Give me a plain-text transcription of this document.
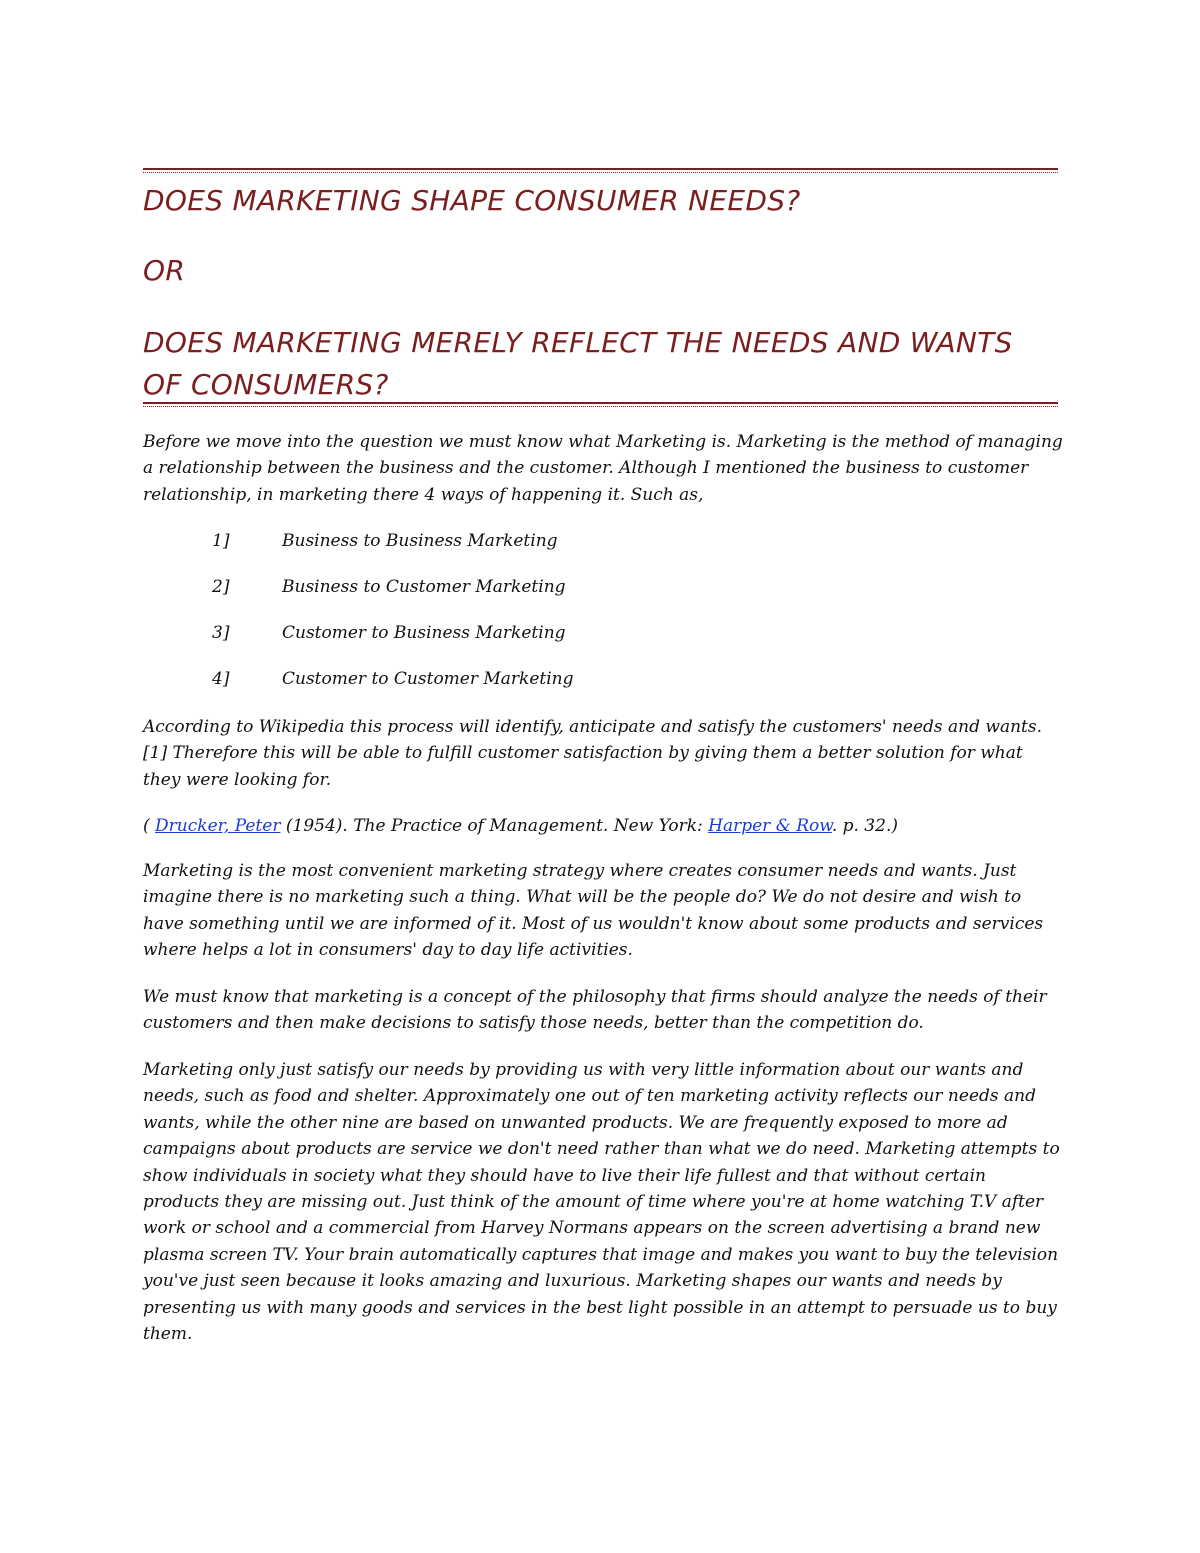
DOES MARKETING SHAPE CONSUMER NEEDS?
OR
DOES MARKETING MERELY REFLECT THE NEEDS AND WANTS OF CONSUMERS?

Before we move into the question we must know what Marketing is. Marketing is the method of managing a relationship between the business and the customer. Although I mentioned the business to customer relationship, in marketing there 4 ways of happening it. Such as,

1]	Business to Business Marketing
2]	Business to Customer Marketing
3]	Customer to Business Marketing
4]	Customer to Customer Marketing

According to Wikipedia this process will identify, anticipate and satisfy the customers' needs and wants. [1] Therefore this will be able to fulfill customer satisfaction by giving them a better solution for what they were looking for.

( Drucker, Peter (1954). The Practice of Management. New York: Harper & Row. p. 32.)

Marketing is the most convenient marketing strategy where creates consumer needs and wants. Just imagine there is no marketing such a thing. What will be the people do? We do not desire and wish to have something until we are informed of it. Most of us wouldn't know about some products and services where helps a lot in consumers' day to day life activities.

We must know that marketing is a concept of the philosophy that firms should analyze the needs of their customers and then make decisions to satisfy those needs, better than the competition do.

Marketing only just satisfy our needs by providing us with very little information about our wants and needs, such as food and shelter. Approximately one out of ten marketing activity reflects our needs and wants, while the other nine are based on unwanted products. We are frequently exposed to more ad campaigns about products are service we don't need rather than what we do need. Marketing attempts to show individuals in society what they should have to live their life fullest and that without certain products they are missing out. Just think of the amount of time where you're at home watching T.V after work or school and a commercial from Harvey Normans appears on the screen advertising a brand new plasma screen TV. Your brain automatically captures that image and makes you want to buy the television you've just seen because it looks amazing and luxurious. Marketing shapes our wants and needs by presenting us with many goods and services in the best light possible in an attempt to persuade us to buy them.
